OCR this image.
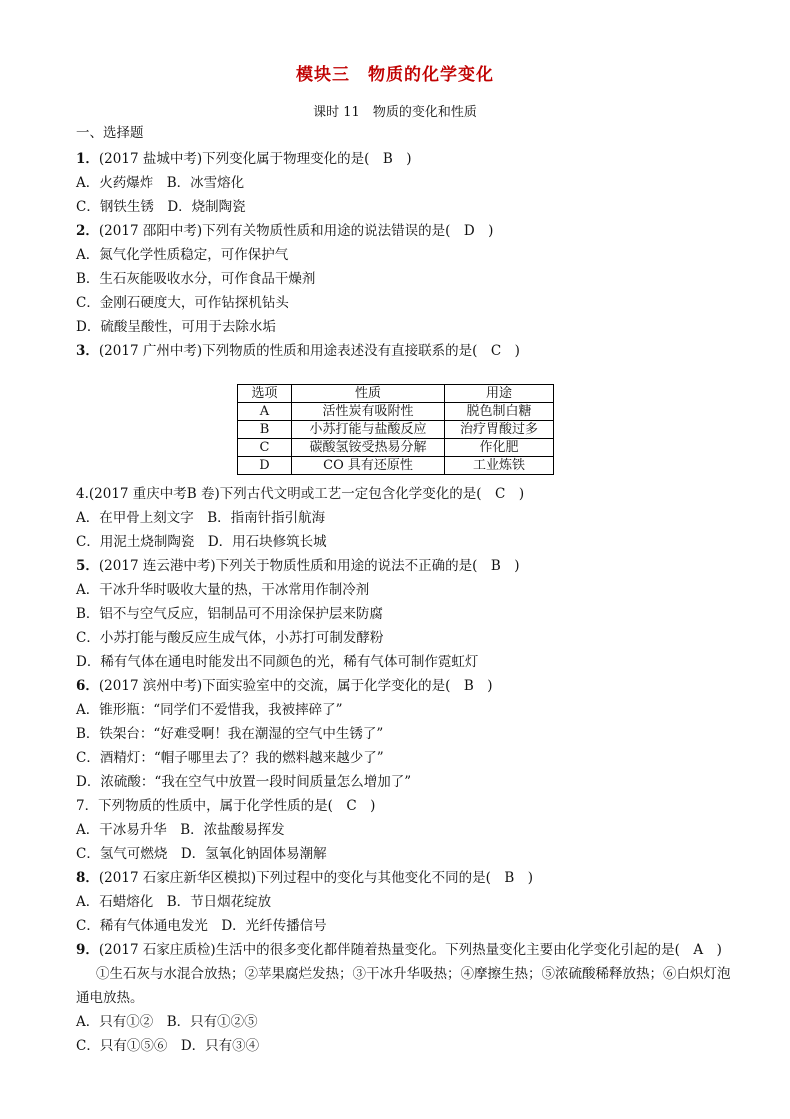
模块三　物质的化学变化
课时 11　物质的变化和性质
一、选择题
1．(2017 盐城中考)下列变化属于物理变化的是(　B　)
A．火药爆炸　B．冰雪熔化
C．钢铁生锈　D．烧制陶瓷
2．(2017 邵阳中考)下列有关物质性质和用途的说法错误的是(　D　)
A．氮气化学性质稳定，可作保护气
B．生石灰能吸收水分，可作食品干燥剂
C．金刚石硬度大，可作钻探机钻头
D．硫酸呈酸性，可用于去除水垢
3．(2017 广州中考)下列物质的性质和用途表述没有直接联系的是(　C　)
4.(2017 重庆中考B 卷)下列古代文明或工艺一定包含化学变化的是(　C　)
A．在甲骨上刻文字　B．指南针指引航海
C．用泥土烧制陶瓷　D．用石块修筑长城
5．(2017 连云港中考)下列关于物质性质和用途的说法不正确的是(　B　)
A．干冰升华时吸收大量的热，干冰常用作制冷剂
B．铝不与空气反应，铝制品可不用涂保护层来防腐
C．小苏打能与酸反应生成气体，小苏打可制发酵粉
D．稀有气体在通电时能发出不同颜色的光，稀有气体可制作霓虹灯
6．(2017 滨州中考)下面实验室中的交流，属于化学变化的是(　B　)
A．锥形瓶：“同学们不爱惜我，我被摔碎了”
B．铁架台：“好难受啊！我在潮湿的空气中生锈了”
C．酒精灯：“帽子哪里去了？我的燃料越来越少了”
D．浓硫酸：“我在空气中放置一段时间质量怎么增加了”
7．下列物质的性质中，属于化学性质的是(　C　)
A．干冰易升华　B．浓盐酸易挥发
C．氢气可燃烧　D．氢氧化钠固体易潮解
8．(2017 石家庄新华区模拟)下列过程中的变化与其他变化不同的是(　B　)
A．石蜡熔化　B．节日烟花绽放
C．稀有气体通电发光　D．光纤传播信号
9．(2017 石家庄质检)生活中的很多变化都伴随着热量变化。下列热量变化主要由化学变化引起的是(　A　)
选项	性质	用途
A	活性炭有吸附性	脱色制白糖
B	小苏打能与盐酸反应	治疗胃酸过多
C	碳酸氢铵受热易分解	作化肥
D	CO 具有还原性	工业炼铁
①生石灰与水混合放热；②苹果腐烂发热；③干冰升华吸热；④摩擦生热；⑤浓硫酸稀释放热；⑥白炽灯泡
通电放热。
A．只有①②　B．只有①②⑤
C．只有①⑤⑥　D．只有③④
